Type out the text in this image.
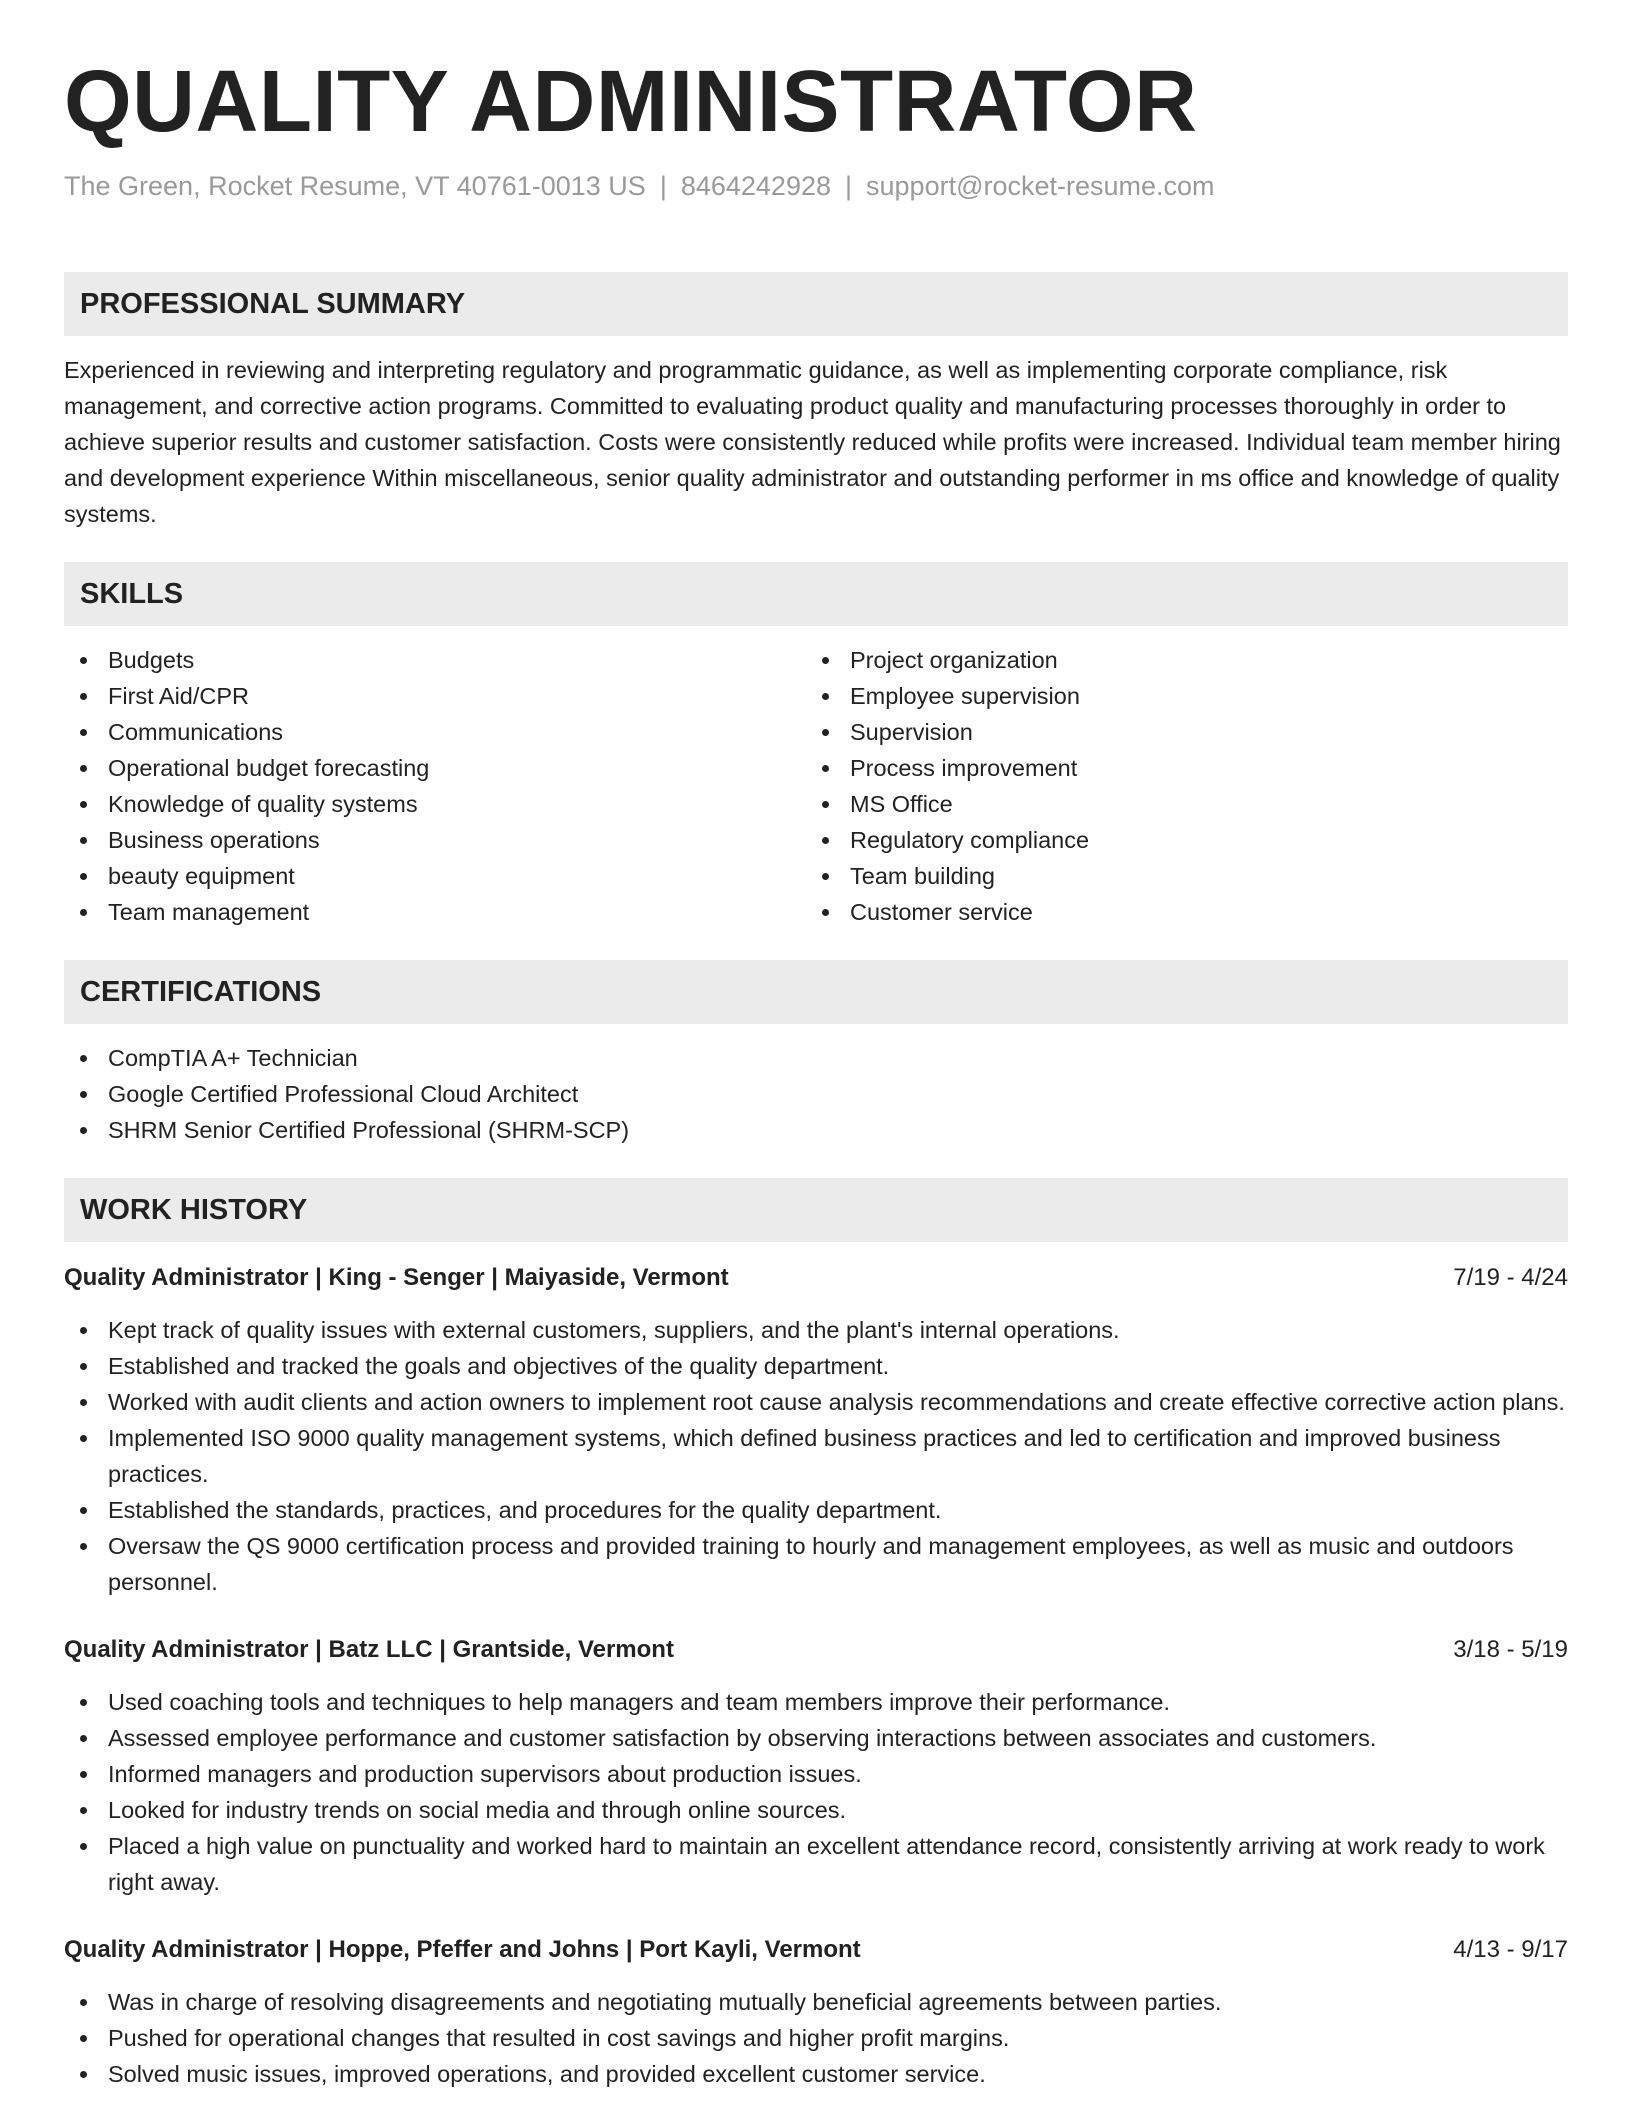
QUALITY ADMINISTRATOR
The Green, Rocket Resume, VT 40761-0013 US | 8464242928 | support@rocket-resume.com
PROFESSIONAL SUMMARY

Experienced in reviewing and interpreting regulatory and programmatic guidance, as well as implementing corporate compliance, risk management, and corrective action programs. Committed to evaluating product quality and manufacturing processes thoroughly in order to achieve superior results and customer satisfaction. Costs were consistently reduced while profits were increased. Individual team member hiring and development experience Within miscellaneous, senior quality administrator and outstanding performer in ms office and knowledge of quality systems.

SKILLS
Budgets
First Aid/CPR
Communications
Operational budget forecasting
Knowledge of quality systems
Business operations
beauty equipment
Team management
Project organization
Employee supervision
Supervision
Process improvement
MS Office
Regulatory compliance
Team building
Customer service
CERTIFICATIONS
CompTIA A+ Technician
Google Certified Professional Cloud Architect
SHRM Senior Certified Professional (SHRM-SCP)
WORK HISTORY
Quality Administrator | King - Senger | Maiyaside, Vermont	7/19 - 4/24
Kept track of quality issues with external customers, suppliers, and the plant's internal operations.
Established and tracked the goals and objectives of the quality department.
Worked with audit clients and action owners to implement root cause analysis recommendations and create effective corrective action plans.
Implemented ISO 9000 quality management systems, which defined business practices and led to certification and improved business practices.
Established the standards, practices, and procedures for the quality department.
Oversaw the QS 9000 certification process and provided training to hourly and management employees, as well as music and outdoors personnel.
Quality Administrator | Batz LLC | Grantside, Vermont	3/18 - 5/19
Used coaching tools and techniques to help managers and team members improve their performance.
Assessed employee performance and customer satisfaction by observing interactions between associates and customers.
Informed managers and production supervisors about production issues.
Looked for industry trends on social media and through online sources.
Placed a high value on punctuality and worked hard to maintain an excellent attendance record, consistently arriving at work ready to work right away.
Quality Administrator | Hoppe, Pfeffer and Johns | Port Kayli, Vermont	4/13 - 9/17
Was in charge of resolving disagreements and negotiating mutually beneficial agreements between parties.
Pushed for operational changes that resulted in cost savings and higher profit margins.
Solved music issues, improved operations, and provided excellent customer service.
